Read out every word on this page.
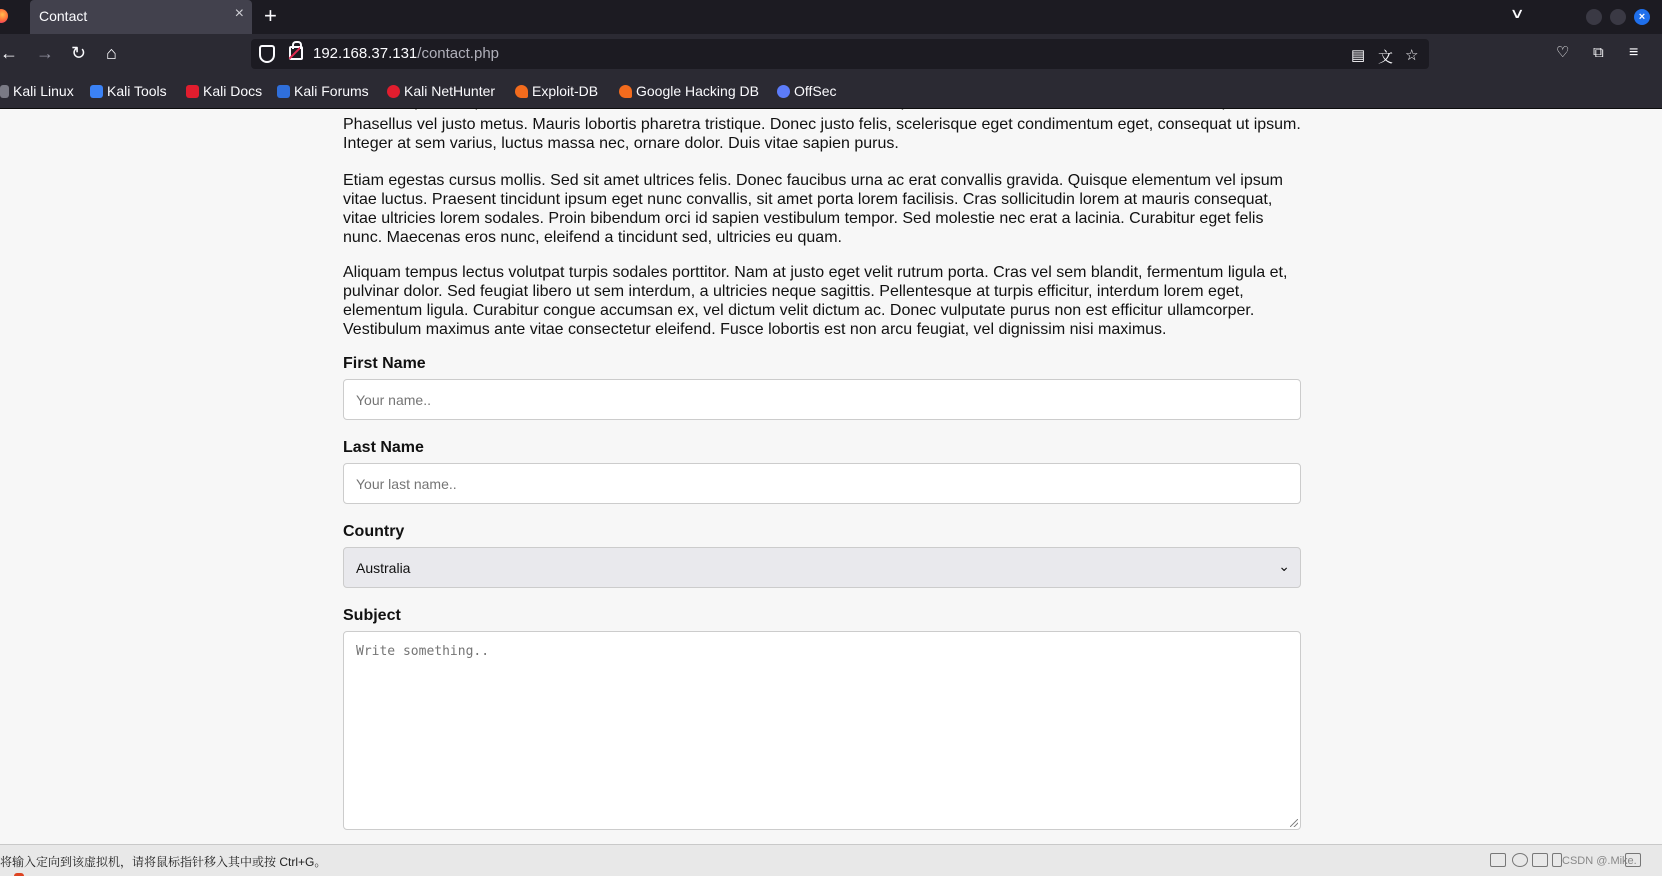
Contact	× +	∨	×
← → ↻ ⌂	192.168.37.131/contact.php	▤ 文 ☆	♡ ⧉ ≡
Kali Linux	Kali Tools	Kali Docs	Kali Forums	Kali NetHunter	Exploit-DB	Google Hacking DB	OffSec

Phasellus vel justo metus. Mauris lobortis pharetra tristique. Donec justo felis, scelerisque eget condimentum eget, consequat ut ipsum. Integer at sem varius, luctus massa nec, ornare dolor. Duis vitae sapien purus.

Etiam egestas cursus mollis. Sed sit amet ultrices felis. Donec faucibus urna ac erat convallis gravida. Quisque elementum vel ipsum vitae luctus. Praesent tincidunt ipsum eget nunc convallis, sit amet porta lorem facilisis. Cras sollicitudin lorem at mauris consequat, vitae ultricies lorem sodales. Proin bibendum orci id sapien vestibulum tempor. Sed molestie nec erat a lacinia. Curabitur eget felis nunc. Maecenas eros nunc, eleifend a tincidunt sed, ultricies eu quam.

Aliquam tempus lectus volutpat turpis sodales porttitor. Nam at justo eget velit rutrum porta. Cras vel sem blandit, fermentum ligula et, pulvinar dolor. Sed feugiat libero ut sem interdum, a ultricies neque sagittis. Pellentesque at turpis efficitur, interdum lorem eget, elementum ligula. Curabitur congue accumsan ex, vel dictum velit dictum ac. Donec vulputate purus non est efficitur ullamcorper. Vestibulum maximus ante vitae consectetur eleifend. Fusce lobortis est non arcu feugiat, vel dignissim nisi maximus.

First Name
Your name..
Last Name
Your last name..
Country
Australia	⌄
Subject
Write something..
将输入定向到该虚拟机，请将鼠标指针移入其中或按 Ctrl+G。	CSDN @.Mike.
